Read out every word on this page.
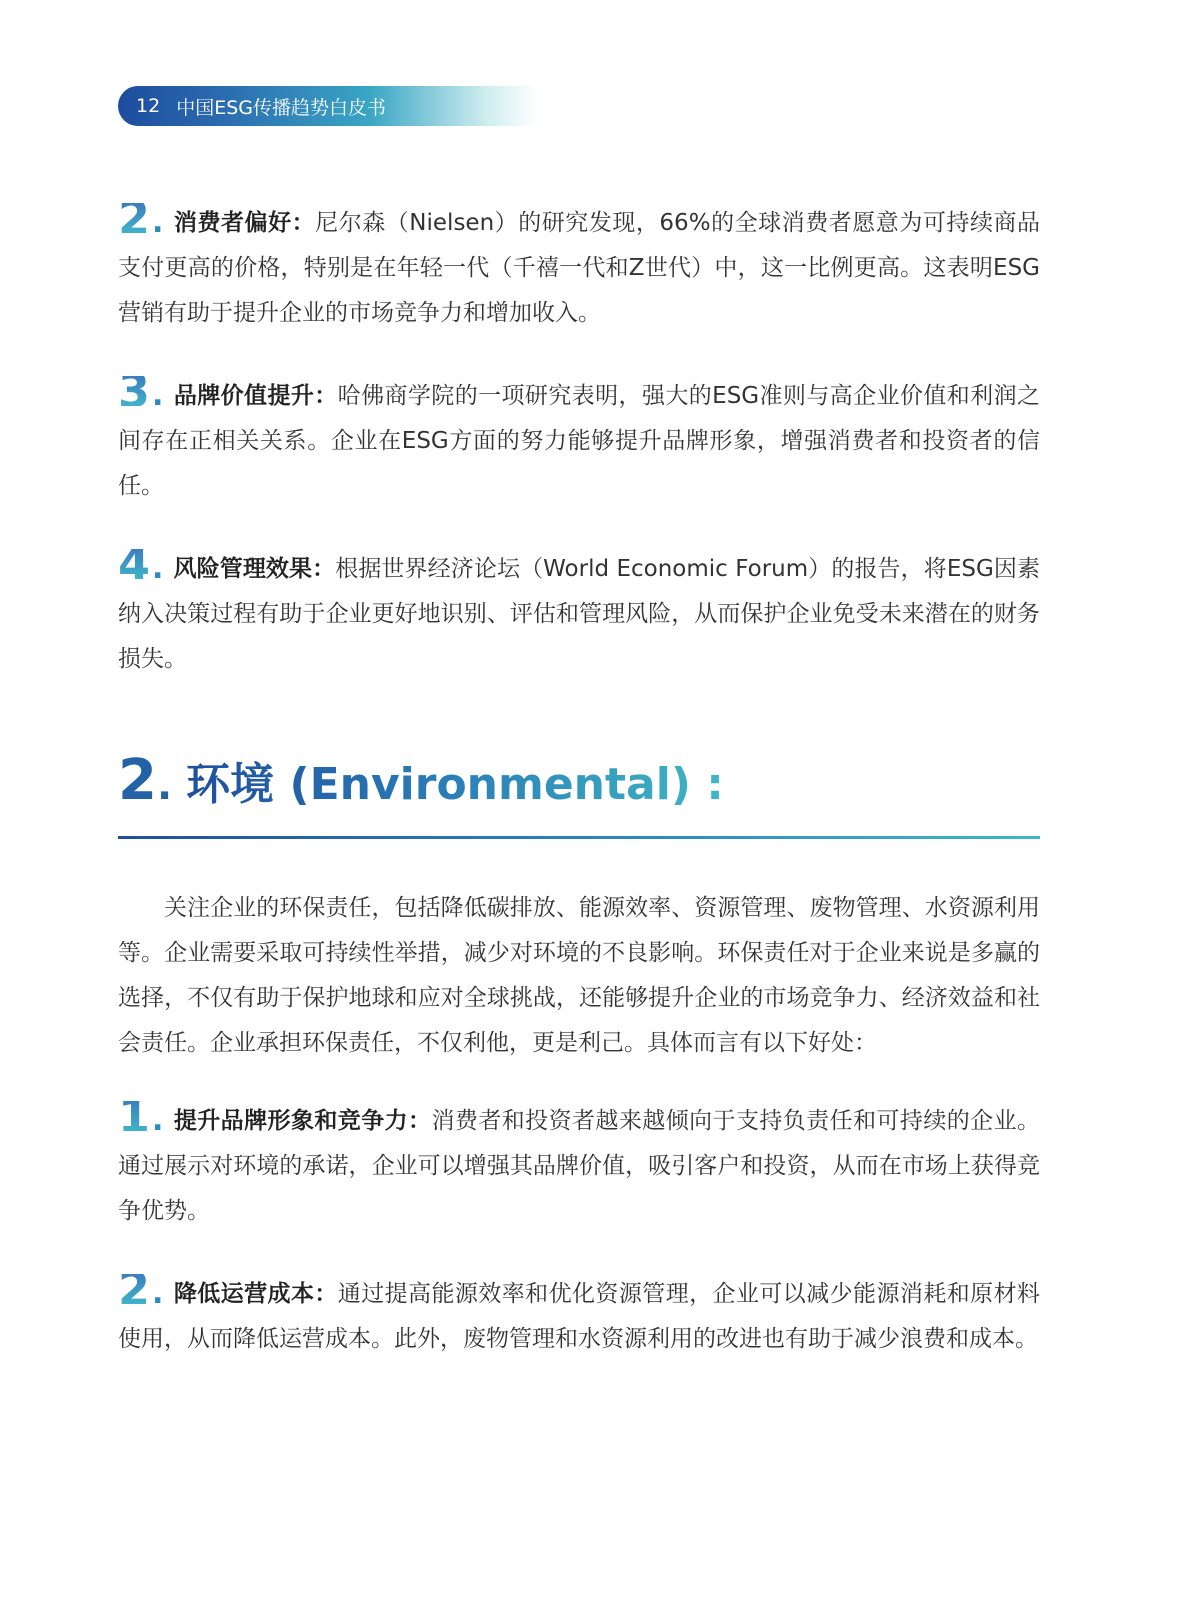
12 中国ESG传播趋势白皮书

2. 消费者偏好：尼尔森（Nielsen）的研究发现，66%的全球消费者愿意为可持续商品支付更高的价格，特别是在年轻一代（千禧一代和Z世代）中，这一比例更高。这表明ESG营销有助于提升企业的市场竞争力和增加收入。

3. 品牌价值提升：哈佛商学院的一项研究表明，强大的ESG准则与高企业价值和利润之间存在正相关关系。企业在ESG方面的努力能够提升品牌形象，增强消费者和投资者的信任。

4. 风险管理效果：根据世界经济论坛（World Economic Forum）的报告，将ESG因素纳入决策过程有助于企业更好地识别、评估和管理风险，从而保护企业免受未来潜在的财务损失。

2 . 环境 (Environmental) :

关注企业的环保责任，包括降低碳排放、能源效率、资源管理、废物管理、水资源利用等。企业需要采取可持续性举措，减少对环境的不良影响。环保责任对于企业来说是多赢的选择，不仅有助于保护地球和应对全球挑战，还能够提升企业的市场竞争力、经济效益和社会责任。企业承担环保责任，不仅利他，更是利己。具体而言有以下好处：

1. 提升品牌形象和竞争力：消费者和投资者越来越倾向于支持负责任和可持续的企业。通过展示对环境的承诺，企业可以增强其品牌价值，吸引客户和投资，从而在市场上获得竞争优势。

2. 降低运营成本：通过提高能源效率和优化资源管理，企业可以减少能源消耗和原材料使用，从而降低运营成本。此外，废物管理和水资源利用的改进也有助于减少浪费和成本。
